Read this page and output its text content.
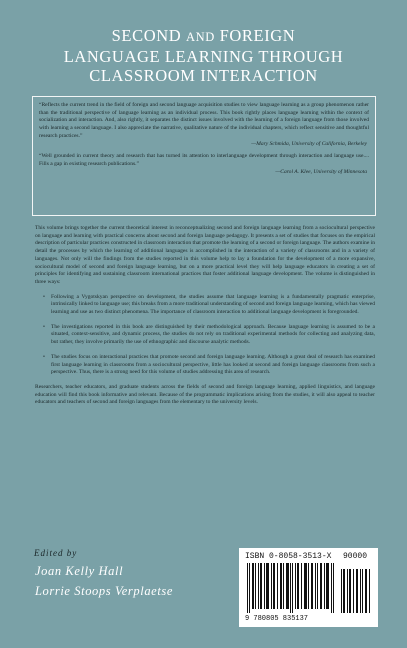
SECOND AND FOREIGN
LANGUAGE LEARNING THROUGH
CLASSROOM INTERACTION
“Reflects the current trend in the field of foreign and second language acquisition studies to view language learning as a group phenomenon rather than the traditional perspective of language learning as an individual process. This book rightly places language learning within the context of socialization and interaction. And, also rightly, it separates the distinct issues involved with the learning of a foreign language from those involved with learning a second language. I also appreciate the narrative, qualitative nature of the individual chapters, which reflect sensitive and thoughtful research practices.”
—Mary Schmida, University of California, Berkeley
“Well grounded in current theory and research that has turned its attention to interlanguage development through interaction and language use.... Fills a gap in existing research publications.”
—Carol A. Klee, University of Minnesota

This volume brings together the current theoretical interest in reconceptualizing second and foreign language learning from a sociocultural perspective on language and learning with practical concerns about second and foreign language pedagogy. It presents a set of studies that focuses on the empirical description of particular practices constructed in classroom interaction that promote the learning of a second or foreign language. The authors examine in detail the processes by which the learning of additional languages is accomplished in the interaction of a variety of classrooms and in a variety of languages. Not only will the findings from the studies reported in this volume help to lay a foundation for the development of a more expansive, sociocultural model of second and foreign language learning, but on a more practical level they will help language educators in creating a set of principles for identifying and sustaining classroom international practices that foster additional language development. The volume is distinguished in three ways:

• Following a Vygotskyan perspective on development, the studies assume that language learning is a fundamentally pragmatic enterprise, intrinsically linked to language use; this breaks from a more traditional understanding of second and foreign language learning, which has viewed learning and use as two distinct phenomena. The importance of classroom interaction to additional language development is foregrounded.
• The investigations reported in this book are distinguished by their methodological approach. Because language learning is assumed to be a situated, context-sensitive, and dynamic process, the studies do not rely on traditional experimental methods for collecting and analyzing data, but rather, they involve primarily the use of ethnographic and discourse analytic methods.
• The studies focus on interactional practices that promote second and foreign language learning. Although a great deal of research has examined first language learning in classrooms from a sociocultural perspective, little has looked at second and foreign language classrooms from such a perspective. Thus, there is a strong need for this volume of studies addressing this area of research.

Researchers, teacher educators, and graduate students across the fields of second and foreign language learning, applied linguistics, and language education will find this book informative and relevant. Because of the programmatic implications arising from the studies, it will also appeal to teacher educators and teachers of second and foreign languages from the elementary to the university levels.

Edited by
Joan Kelly Hall
Lorrie Stoops Verplaetse
ISBN 0-8058-3513-X	90000
9 780805 835137
